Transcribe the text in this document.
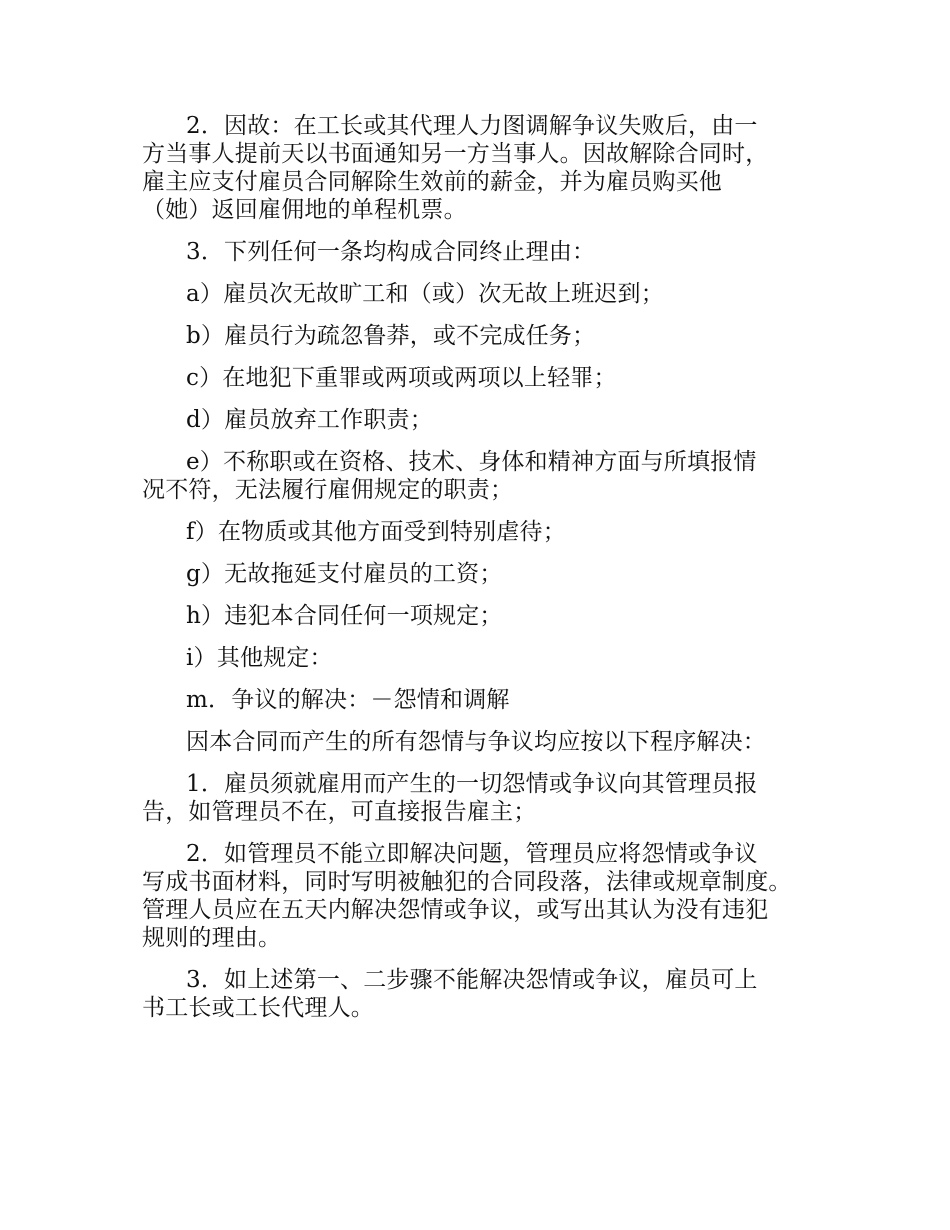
2．因故：在工长或其代理人力图调解争议失败后，由一
方当事人提前天以书面通知另一方当事人。因故解除合同时，
雇主应支付雇员合同解除生效前的薪金，并为雇员购买他
（她）返回雇佣地的单程机票。
3．下列任何一条均构成合同终止理由：
a）雇员次无故旷工和（或）次无故上班迟到；
b）雇员行为疏忽鲁莽，或不完成任务；
c）在地犯下重罪或两项或两项以上轻罪；
d）雇员放弃工作职责；
e）不称职或在资格、技术、身体和精神方面与所填报情
况不符，无法履行雇佣规定的职责；
f）在物质或其他方面受到特别虐待；
g）无故拖延支付雇员的工资；
h）违犯本合同任何一项规定；
i）其他规定：
m．争议的解决：－怨情和调解
因本合同而产生的所有怨情与争议均应按以下程序解决：
1．雇员须就雇用而产生的一切怨情或争议向其管理员报
告，如管理员不在，可直接报告雇主；
2．如管理员不能立即解决问题，管理员应将怨情或争议
写成书面材料，同时写明被触犯的合同段落，法律或规章制度。
管理人员应在五天内解决怨情或争议，或写出其认为没有违犯
规则的理由。
3．如上述第一、二步骤不能解决怨情或争议，雇员可上
书工长或工长代理人。
